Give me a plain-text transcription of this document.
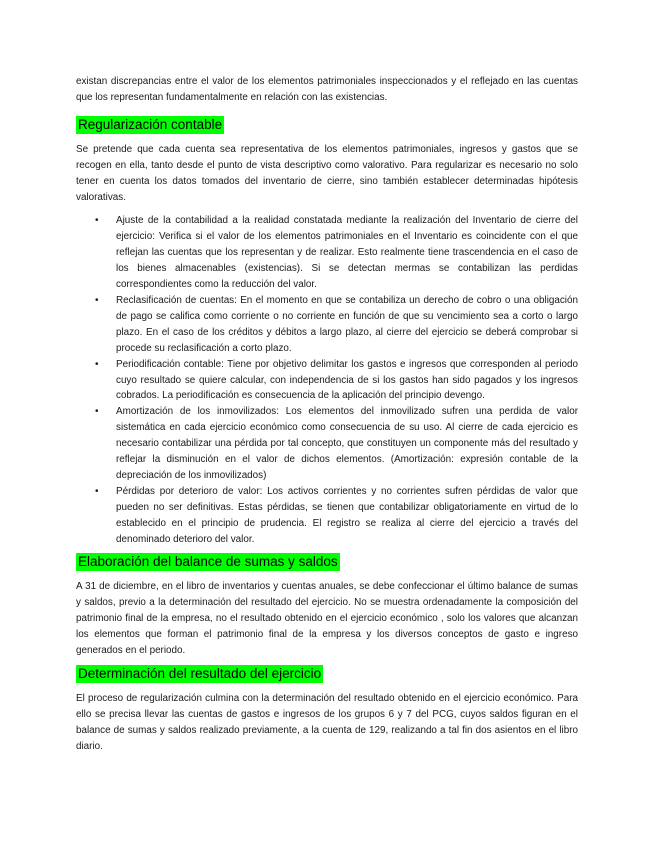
existan discrepancias entre el valor de los elementos patrimoniales inspeccionados y el reflejado en las cuentas que los representan fundamentalmente en relación con las existencias.

Regularización contable

Se pretende que cada cuenta sea representativa de los elementos patrimoniales, ingresos y gastos que se recogen en ella, tanto desde el punto de vista descriptivo como valorativo. Para regularizar es necesario no solo tener en cuenta los datos tomados del inventario de cierre, sino también establecer determinadas hipótesis valorativas.

• Ajuste de la contabilidad a la realidad constatada mediante la realización del Inventario de cierre del ejercicio: Verifica si el valor de los elementos patrimoniales en el Inventario es coincidente con el que reflejan las cuentas que los representan y de realizar. Esto realmente tiene trascendencia en el caso de los bienes almacenables (existencias). Si se detectan mermas se contabilizan las perdidas correspondientes como la reducción del valor.
• Reclasificación de cuentas: En el momento en que se contabiliza un derecho de cobro o una obligación de pago se califica como corriente o no corriente en función de que su vencimiento sea a corto o largo plazo. En el caso de los créditos y débitos a largo plazo, al cierre del ejercicio se deberá comprobar si procede su reclasificación a corto plazo.
• Periodificación contable: Tiene por objetivo delimitar los gastos e ingresos que corresponden al periodo cuyo resultado se quiere calcular, con independencia de si los gastos han sido pagados y los ingresos cobrados. La periodificación es consecuencia de la aplicación del principio devengo.
• Amortización de los inmovilizados: Los elementos del inmovilizado sufren una perdida de valor sistemática en cada ejercicio económico como consecuencia de su uso. Al cierre de cada ejercicio es necesario contabilizar una pérdida por tal concepto, que constituyen un componente más del resultado y reflejar la disminución en el valor de dichos elementos. (Amortización: expresión contable de la depreciación de los inmovilizados)
• Pérdidas por deterioro de valor: Los activos corrientes y no corrientes sufren pérdidas de valor que pueden no ser definitivas. Estas pérdidas, se tienen que contabilizar obligatoriamente en virtud de lo establecido en el principio de prudencia. El registro se realiza al cierre del ejercicio a través del denominado deterioro del valor.
Elaboración del balance de sumas y saldos

A 31 de diciembre, en el libro de inventarios y cuentas anuales, se debe confeccionar el último balance de sumas y saldos, previo a la determinación del resultado del ejercicio. No se muestra ordenadamente la composición del patrimonio final de la empresa, no el resultado obtenido en el ejercicio económico , solo los valores que alcanzan los elementos que forman el patrimonio final de la empresa y los diversos conceptos de gasto e ingreso generados en el periodo.

Determinación del resultado del ejercicio

El proceso de regularización culmina con la determinación del resultado obtenido en el ejercicio económico. Para ello se precisa llevar las cuentas de gastos e ingresos de los grupos 6 y 7 del PCG, cuyos saldos figuran en el balance de sumas y saldos realizado previamente, a la cuenta de 129, realizando a tal fin dos asientos en el libro diario.
